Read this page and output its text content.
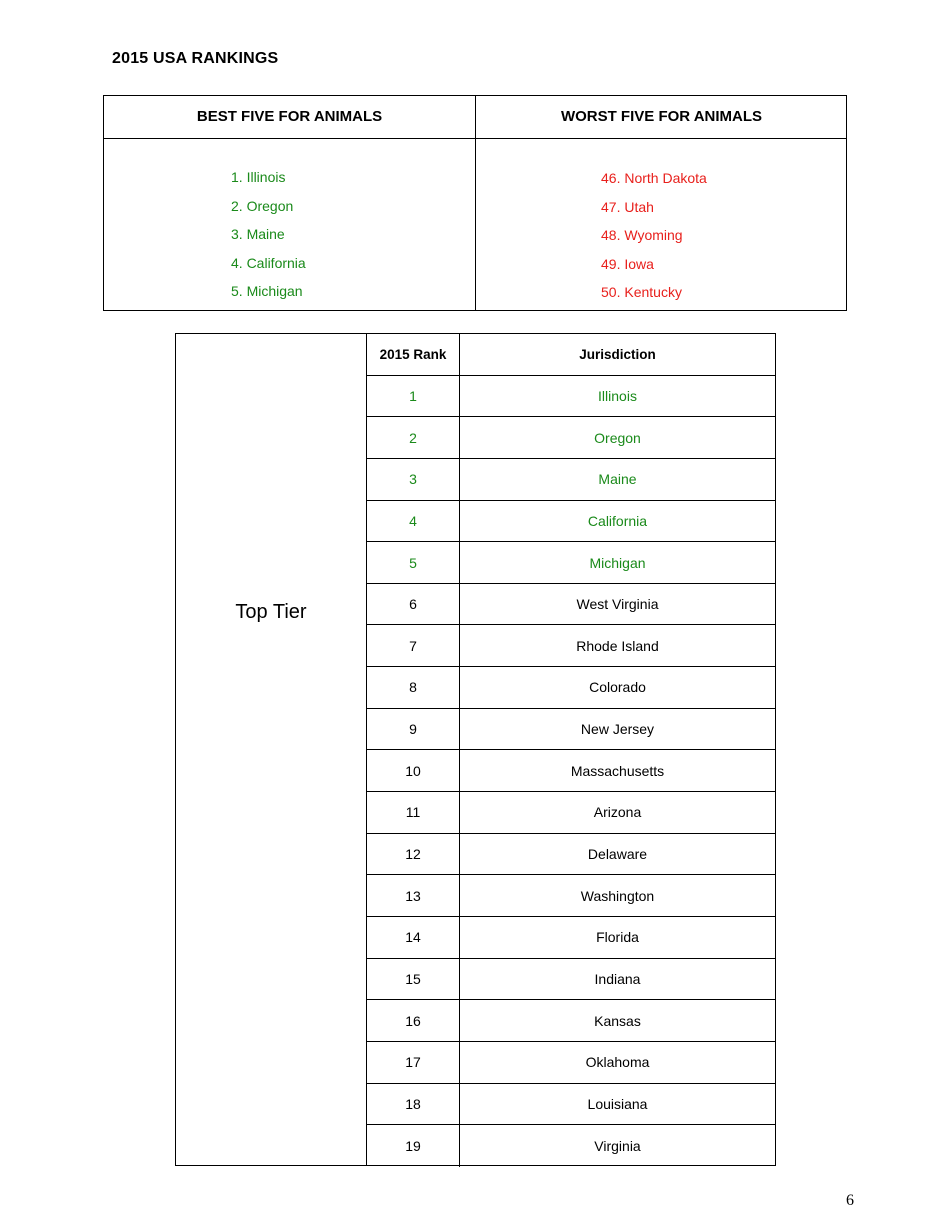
2015 USA RANKINGS
BEST FIVE FOR ANIMALS	WORST FIVE FOR ANIMALS
1. Illinois
2. Oregon
3. Maine
4. California
5. Michigan
46. North Dakota
47. Utah
48. Wyoming
49. Iowa
50. Kentucky
Top Tier
2015 Rank	Jurisdiction
1	Illinois
2	Oregon
3	Maine
4	California
5	Michigan
6	West Virginia
7	Rhode Island
8	Colorado
9	New Jersey
10	Massachusetts
11	Arizona
12	Delaware
13	Washington
14	Florida
15	Indiana
16	Kansas
17	Oklahoma
18	Louisiana
19	Virginia
6
